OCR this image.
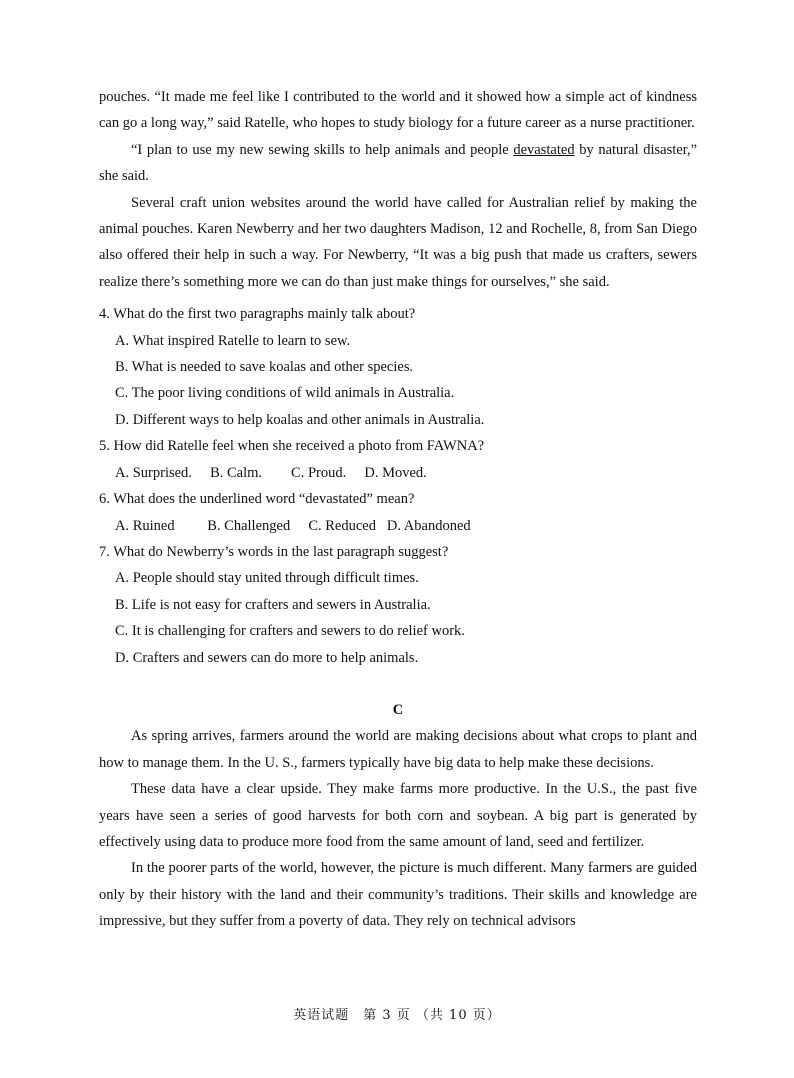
pouches. “It made me feel like I contributed to the world and it showed how a simple act of kindness can go a long way,” said Ratelle, who hopes to study biology for a future career as a nurse practitioner.

“I plan to use my new sewing skills to help animals and people devastated by natural disaster,” she said.

Several craft union websites around the world have called for Australian relief by making the animal pouches. Karen Newberry and her two daughters Madison, 12 and Rochelle, 8, from San Diego also offered their help in such a way. For Newberry, “It was a big push that made us crafters, sewers realize there’s something more we can do than just make things for ourselves,” she said.

4. What do the first two paragraphs mainly talk about?

A. What inspired Ratelle to learn to sew.

B. What is needed to save koalas and other species.

C. The poor living conditions of wild animals in Australia.

D. Different ways to help koalas and other animals in Australia.

5. How did Ratelle feel when she received a photo from FAWNA?

A. Surprised. B. Calm. C. Proud. D. Moved.

6. What does the underlined word “devastated” mean?

A. Ruined B. Challenged C. Reduced D. Abandoned

7. What do Newberry’s words in the last paragraph suggest?

A. People should stay united through difficult times.

B. Life is not easy for crafters and sewers in Australia.

C. It is challenging for crafters and sewers to do relief work.

D. Crafters and sewers can do more to help animals.

C

As spring arrives, farmers around the world are making decisions about what crops to plant and how to manage them. In the U. S., farmers typically have big data to help make these decisions.

These data have a clear upside. They make farms more productive. In the U.S., the past five years have seen a series of good harvests for both corn and soybean. A big part is generated by effectively using data to produce more food from the same amount of land, seed and fertilizer.

In the poorer parts of the world, however, the picture is much different. Many farmers are guided only by their history with the land and their community’s traditions. Their skills and knowledge are impressive, but they suffer from a poverty of data. They rely on technical advisors

英语试题　第 3 页 （共 10 页）
